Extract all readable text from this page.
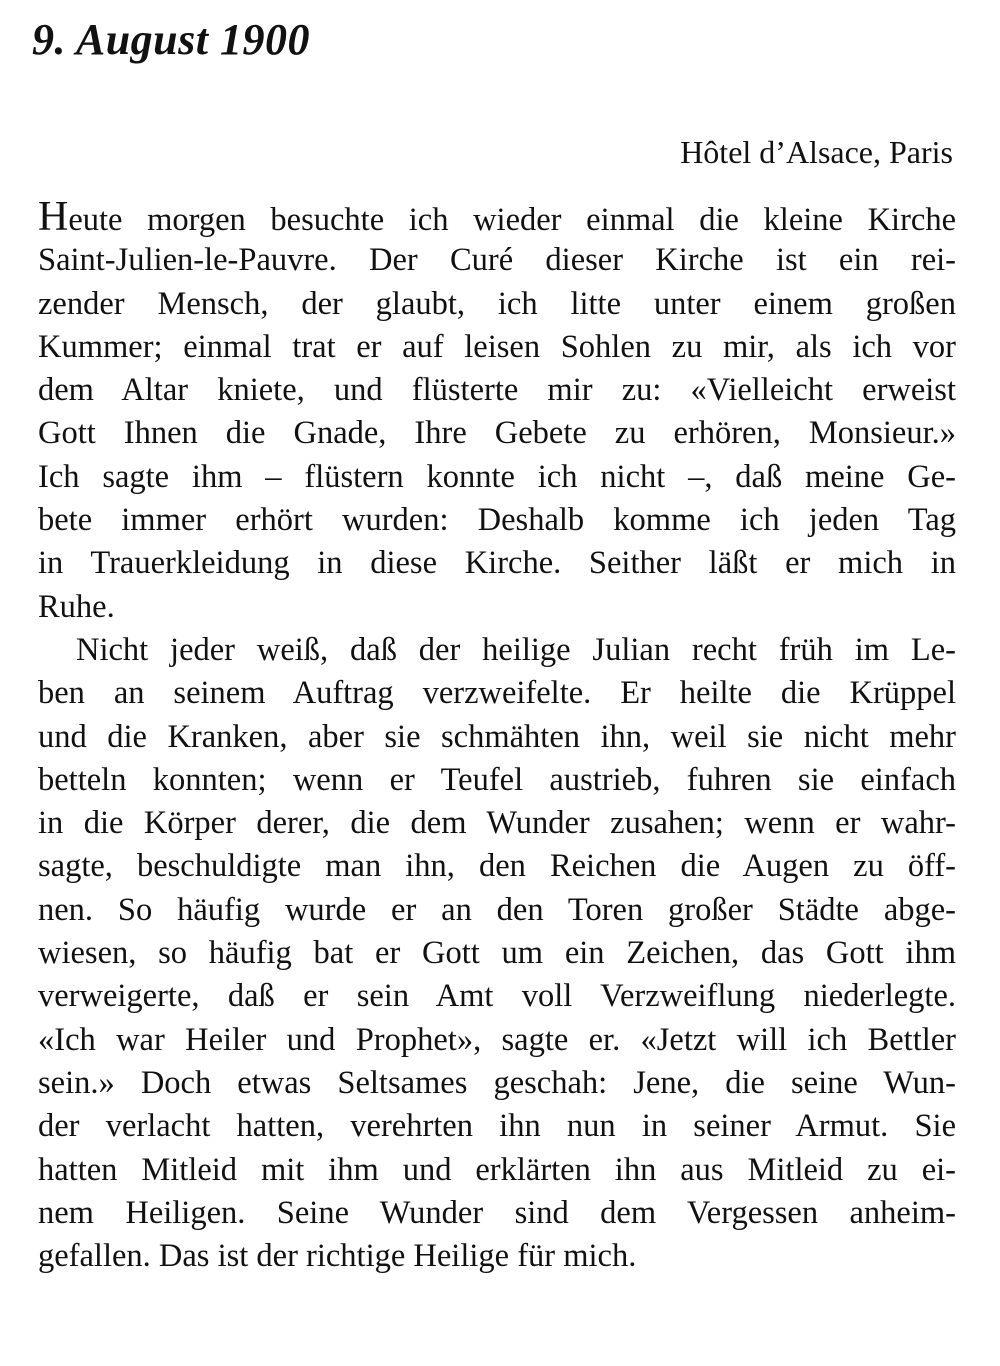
9. August 1900
Hôtel d’Alsace, Paris
Heute morgen besuchte ich wieder einmal die kleine Kirche
Saint-Julien-le-Pauvre. Der Curé dieser Kirche ist ein rei-
zender Mensch, der glaubt, ich litte unter einem großen
Kummer; einmal trat er auf leisen Sohlen zu mir, als ich vor
dem Altar kniete, und flüsterte mir zu: «Vielleicht erweist
Gott Ihnen die Gnade, Ihre Gebete zu erhören, Monsieur.»
Ich sagte ihm – flüstern konnte ich nicht –, daß meine Ge-
bete immer erhört wurden: Deshalb komme ich jeden Tag
in Trauerkleidung in diese Kirche. Seither läßt er mich in
Ruhe.
Nicht jeder weiß, daß der heilige Julian recht früh im Le-
ben an seinem Auftrag verzweifelte. Er heilte die Krüppel
und die Kranken, aber sie schmähten ihn, weil sie nicht mehr
betteln konnten; wenn er Teufel austrieb, fuhren sie einfach
in die Körper derer, die dem Wunder zusahen; wenn er wahr-
sagte, beschuldigte man ihn, den Reichen die Augen zu öff-
nen. So häufig wurde er an den Toren großer Städte abge-
wiesen, so häufig bat er Gott um ein Zeichen, das Gott ihm
verweigerte, daß er sein Amt voll Verzweiflung niederlegte.
«Ich war Heiler und Prophet», sagte er. «Jetzt will ich Bettler
sein.» Doch etwas Seltsames geschah: Jene, die seine Wun-
der verlacht hatten, verehrten ihn nun in seiner Armut. Sie
hatten Mitleid mit ihm und erklärten ihn aus Mitleid zu ei-
nem Heiligen. Seine Wunder sind dem Vergessen anheim-
gefallen. Das ist der richtige Heilige für mich.
